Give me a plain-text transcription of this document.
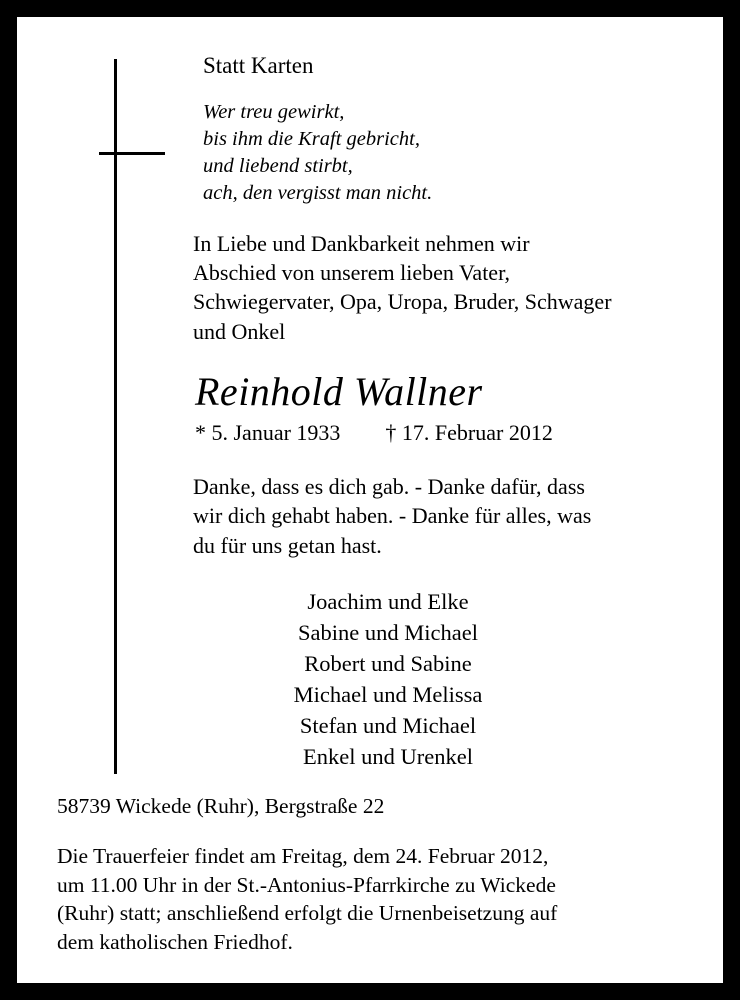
Statt Karten
Wer treu gewirkt,
bis ihm die Kraft gebricht,
und liebend stirbt,
ach, den vergisst man nicht.
In Liebe und Dankbarkeit nehmen wir
Abschied von unserem lieben Vater,
Schwiegervater, Opa, Uropa, Bruder, Schwager
und Onkel
Reinhold Wallner
* 5. Januar 1933 † 17. Februar 2012
Danke, dass es dich gab. - Danke dafür, dass
wir dich gehabt haben. - Danke für alles, was
du für uns getan hast.
Joachim und Elke
Sabine und Michael
Robert und Sabine
Michael und Melissa
Stefan und Michael
Enkel und Urenkel
58739 Wickede (Ruhr), Bergstraße 22
Die Trauerfeier findet am Freitag, dem 24. Februar 2012,
um 11.00 Uhr in der St.-Antonius-Pfarrkirche zu Wickede
(Ruhr) statt; anschließend erfolgt die Urnenbeisetzung auf
dem katholischen Friedhof.
